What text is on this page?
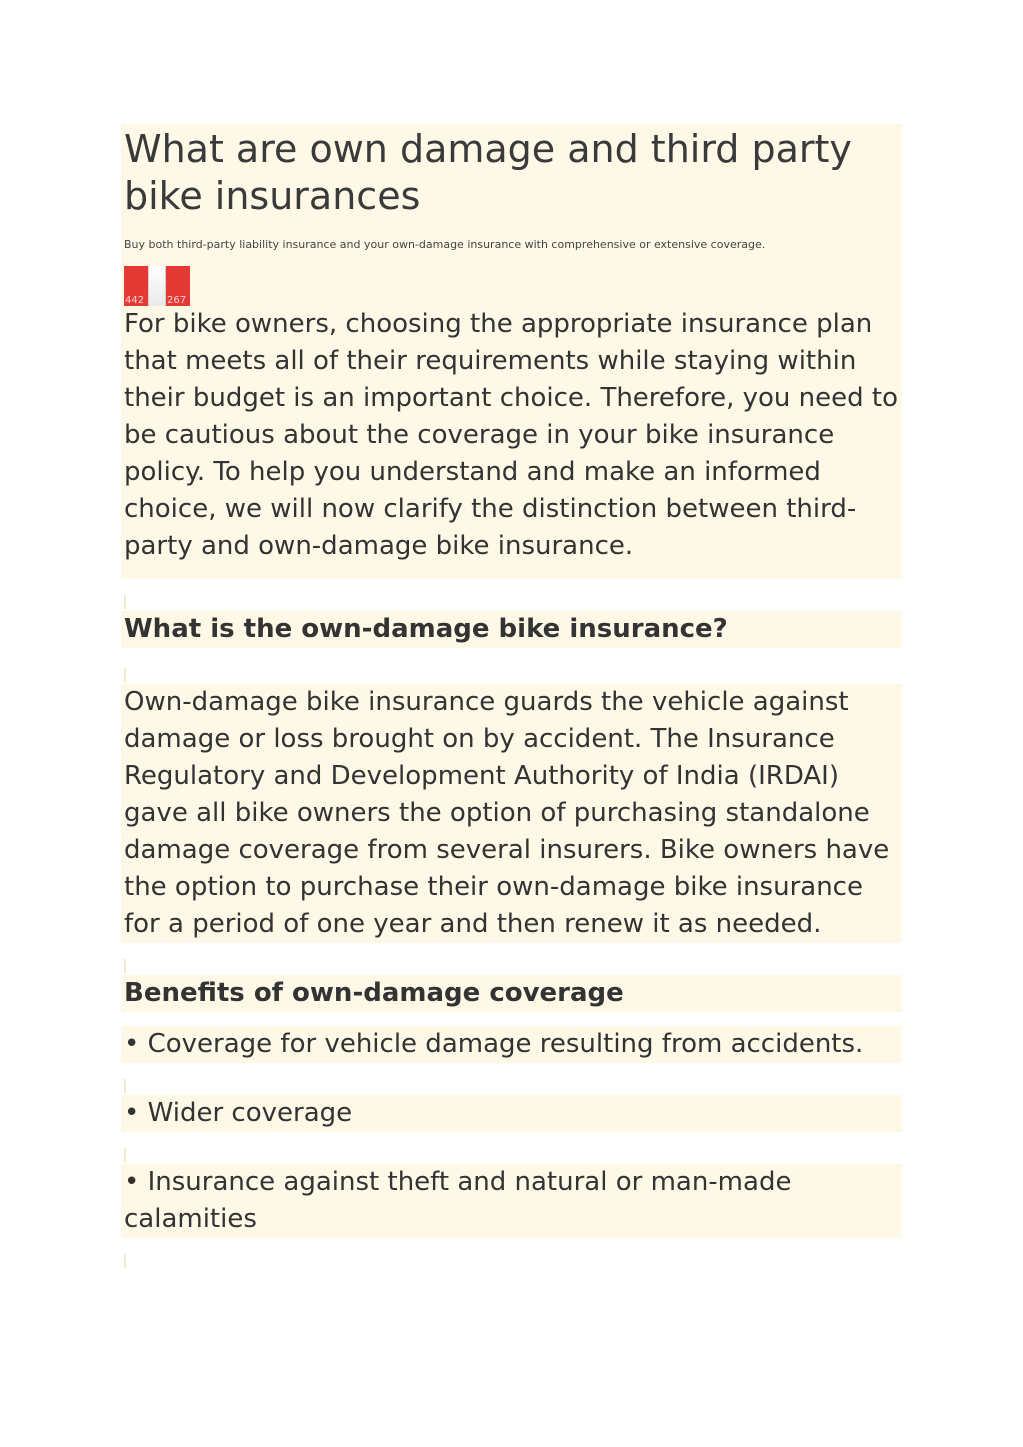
What are own damage and third party bike insurances

Buy both third-party liability insurance and your own-damage insurance with comprehensive or extensive coverage.

442 267

For bike owners, choosing the appropriate insurance plan that meets all of their requirements while staying within their budget is an important choice. Therefore, you need to be cautious about the coverage in your bike insurance policy. To help you understand and make an informed choice, we will now clarify the distinction between third-party and own-damage bike insurance.

What is the own-damage bike insurance?

Own-damage bike insurance guards the vehicle against damage or loss brought on by accident. The Insurance Regulatory and Development Authority of India (IRDAI) gave all bike owners the option of purchasing standalone damage coverage from several insurers. Bike owners have the option to purchase their own-damage bike insurance for a period of one year and then renew it as needed.

Benefits of own-damage coverage

• Coverage for vehicle damage resulting from accidents.

• Wider coverage

• Insurance against theft and natural or man-made calamities
